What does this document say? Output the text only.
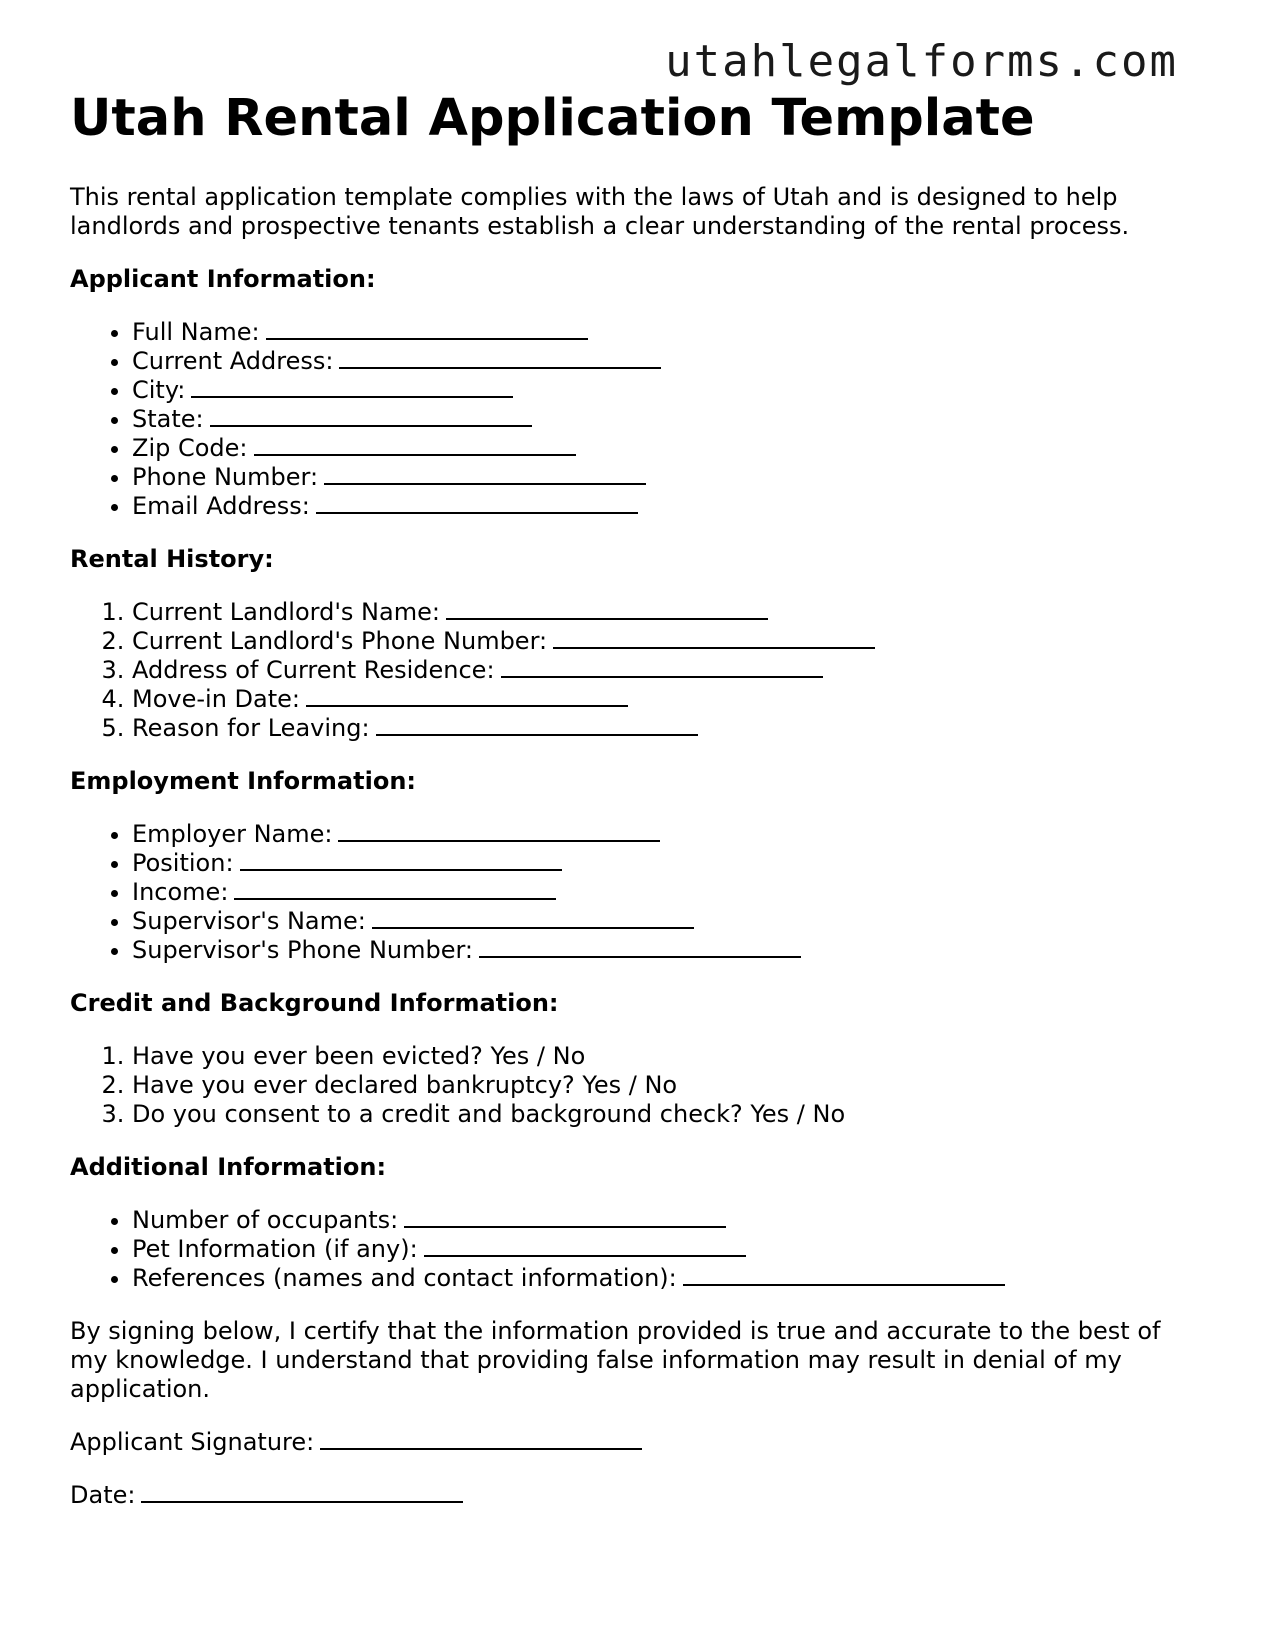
utahlegalforms.com
Utah Rental Application Template

This rental application template complies with the laws of Utah and is designed to help landlords and prospective tenants establish a clear understanding of the rental process.

Applicant Information:
• Full Name:
• Current Address:
• City:
• State:
• Zip Code:
• Phone Number:
• Email Address:
Rental History:
1. Current Landlord's Name:
2. Current Landlord's Phone Number:
3. Address of Current Residence:
4. Move-in Date:
5. Reason for Leaving:
Employment Information:
• Employer Name:
• Position:
• Income:
• Supervisor's Name:
• Supervisor's Phone Number:
Credit and Background Information:
1. Have you ever been evicted? Yes / No
2. Have you ever declared bankruptcy? Yes / No
3. Do you consent to a credit and background check? Yes / No
Additional Information:
• Number of occupants:
• Pet Information (if any):
• References (names and contact information):

By signing below, I certify that the information provided is true and accurate to the best of my knowledge. I understand that providing false information may result in denial of my application.

Applicant Signature:
Date:
